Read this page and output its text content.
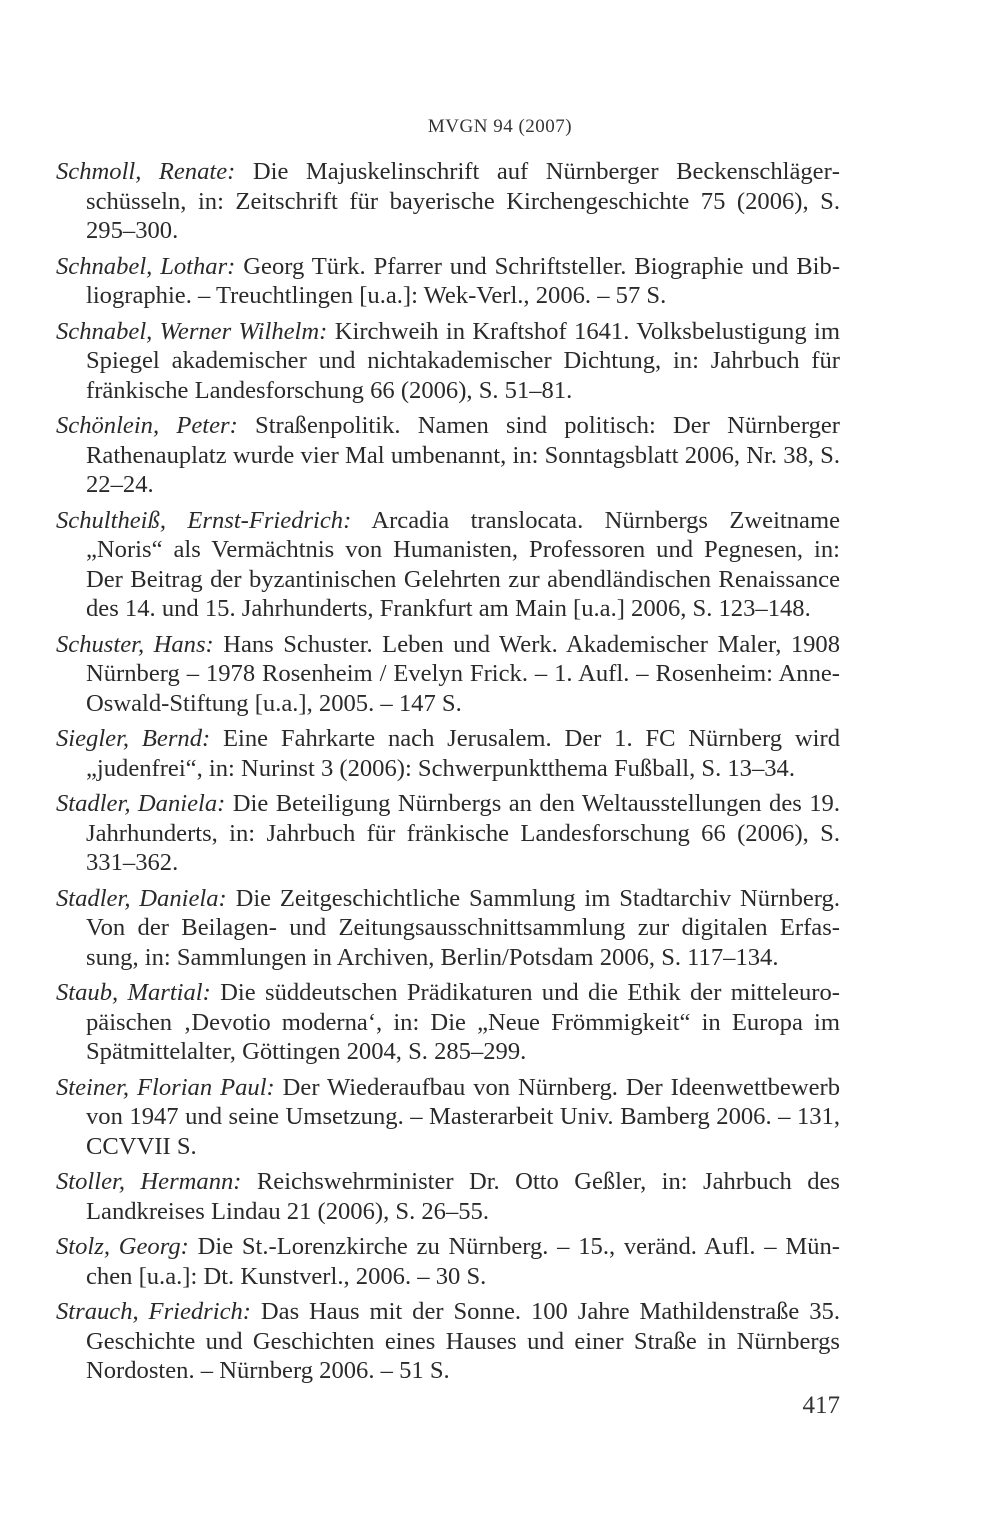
MVGN 94 (2007)

Schmoll, Renate: Die Majuskelinschrift auf Nürnberger Beckenschlägerschüsseln, in: Zeitschrift für bayerische Kirchengeschichte 75 (2006), S. 295–300.

Schnabel, Lothar: Georg Türk. Pfarrer und Schriftsteller. Biographie und Bibliographie. – Treuchtlingen [u.a.]: Wek-Verl., 2006. – 57 S.

Schnabel, Werner Wilhelm: Kirchweih in Kraftshof 1641. Volksbelustigung im Spiegel akademischer und nichtakademischer Dichtung, in: Jahrbuch für fränkische Landesforschung 66 (2006), S. 51–81.

Schönlein, Peter: Straßenpolitik. Namen sind politisch: Der Nürnberger Rathenauplatz wurde vier Mal umbenannt, in: Sonntagsblatt 2006, Nr. 38, S. 22–24.

Schultheiß, Ernst-Friedrich: Arcadia translocata. Nürnbergs Zweitname „Noris“ als Vermächtnis von Humanisten, Professoren und Pegnesen, in: Der Beitrag der byzantinischen Gelehrten zur abendländischen Renaissance des 14. und 15. Jahrhunderts, Frankfurt am Main [u.a.] 2006, S. 123–148.

Schuster, Hans: Hans Schuster. Leben und Werk. Akademischer Maler, 1908 Nürnberg – 1978 Rosenheim / Evelyn Frick. – 1. Aufl. – Rosenheim: Anne-Oswald-Stiftung [u.a.], 2005. – 147 S.

Siegler, Bernd: Eine Fahrkarte nach Jerusalem. Der 1. FC Nürnberg wird „judenfrei“, in: Nurinst 3 (2006): Schwerpunktthema Fußball, S. 13–34.

Stadler, Daniela: Die Beteiligung Nürnbergs an den Weltausstellungen des 19. Jahrhunderts, in: Jahrbuch für fränkische Landesforschung 66 (2006), S. 331–362.

Stadler, Daniela: Die Zeitgeschichtliche Sammlung im Stadtarchiv Nürnberg. Von der Beilagen- und Zeitungsausschnittsammlung zur digitalen Erfassung, in: Sammlungen in Archiven, Berlin/Potsdam 2006, S. 117–134.

Staub, Martial: Die süddeutschen Prädikaturen und die Ethik der mitteleuropäischen ‚Devotio moderna‘, in: Die „Neue Frömmigkeit“ in Europa im Spätmittelalter, Göttingen 2004, S. 285–299.

Steiner, Florian Paul: Der Wiederaufbau von Nürnberg. Der Ideenwettbewerb von 1947 und seine Umsetzung. – Masterarbeit Univ. Bamberg 2006. – 131, CCVVII S.

Stoller, Hermann: Reichswehrminister Dr. Otto Geßler, in: Jahrbuch des Landkreises Lindau 21 (2006), S. 26–55.

Stolz, Georg: Die St.-Lorenzkirche zu Nürnberg. – 15., veränd. Aufl. – München [u.a.]: Dt. Kunstverl., 2006. – 30 S.

Strauch, Friedrich: Das Haus mit der Sonne. 100 Jahre Mathildenstraße 35. Geschichte und Geschichten eines Hauses und einer Straße in Nürnbergs Nordosten. – Nürnberg 2006. – 51 S.

417
